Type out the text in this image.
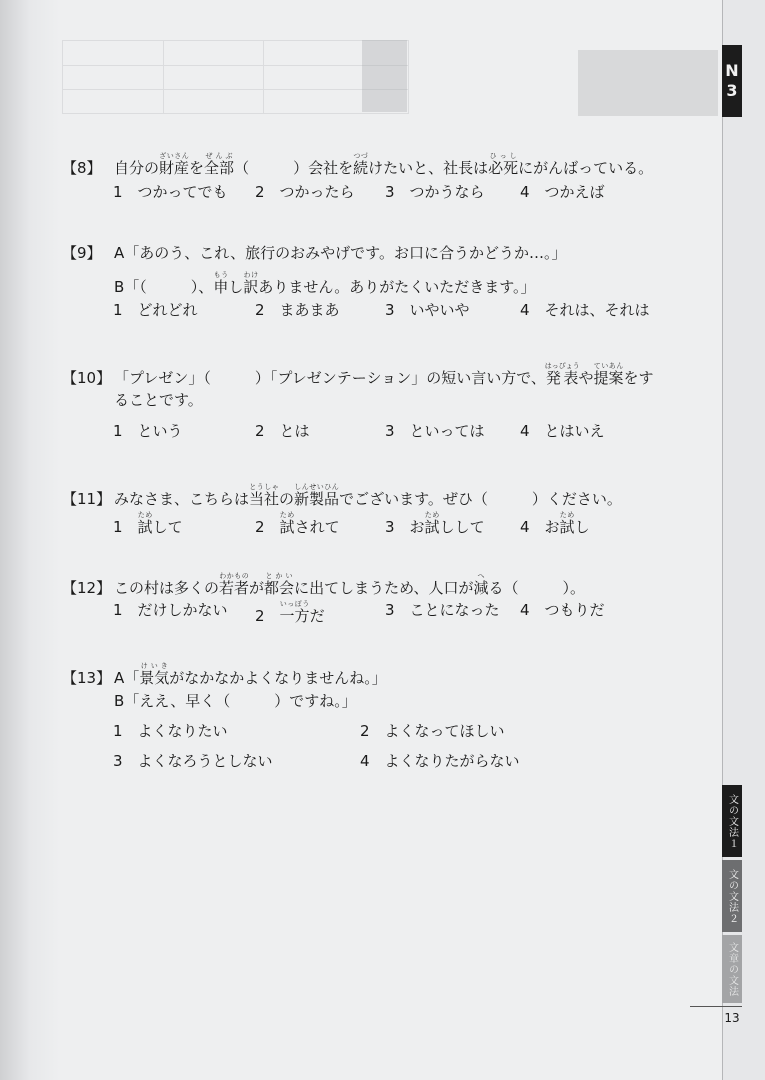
N
3
文の文法１
文の文法２
文章の文法
13
【8】 自分の財産ざいさんを全部ぜんぶ（	）会社を続つづけたいと、社長は必死ひっしにがんばっている。
1　つかってでも 2　つかったら 3　つかうなら 4　つかえば
【9】 A「あのう、これ、旅行のおみやげです。お口に合うかどうか…。」
B「（	）、申もうし訳わけありません。ありがたくいただきます。」
1　どれどれ	2　まあまあ	3　いやいや	4　それは、それは
【10】 「プレゼン」（	）「プレゼンテーション」の短い言い方で、発表はっぴょうや提案ていあんをす
ることです。
1　という	2　とは	3　といっては 4　とはいえ
【11】 みなさま、こちらは当社とうしゃの新製品しんせいひんでございます。ぜひ（	）ください。
1　試ためして	2　試ためされて	3　お試ためしして 4　お試ためし
【12】 この村は多くの若者わかものが都会とかいに出てしまうため、人口が減へる（	）。
1　だけしかない 2　一方いっぽうだ	3　ことになった 4　つもりだ
【13】 A「景気けいきがなかなかよくなりませんね。」
B「ええ、早く（	）ですね。」
1　よくなりたい	2　よくなってほしい
3　よくなろうとしない	4　よくなりたがらない
